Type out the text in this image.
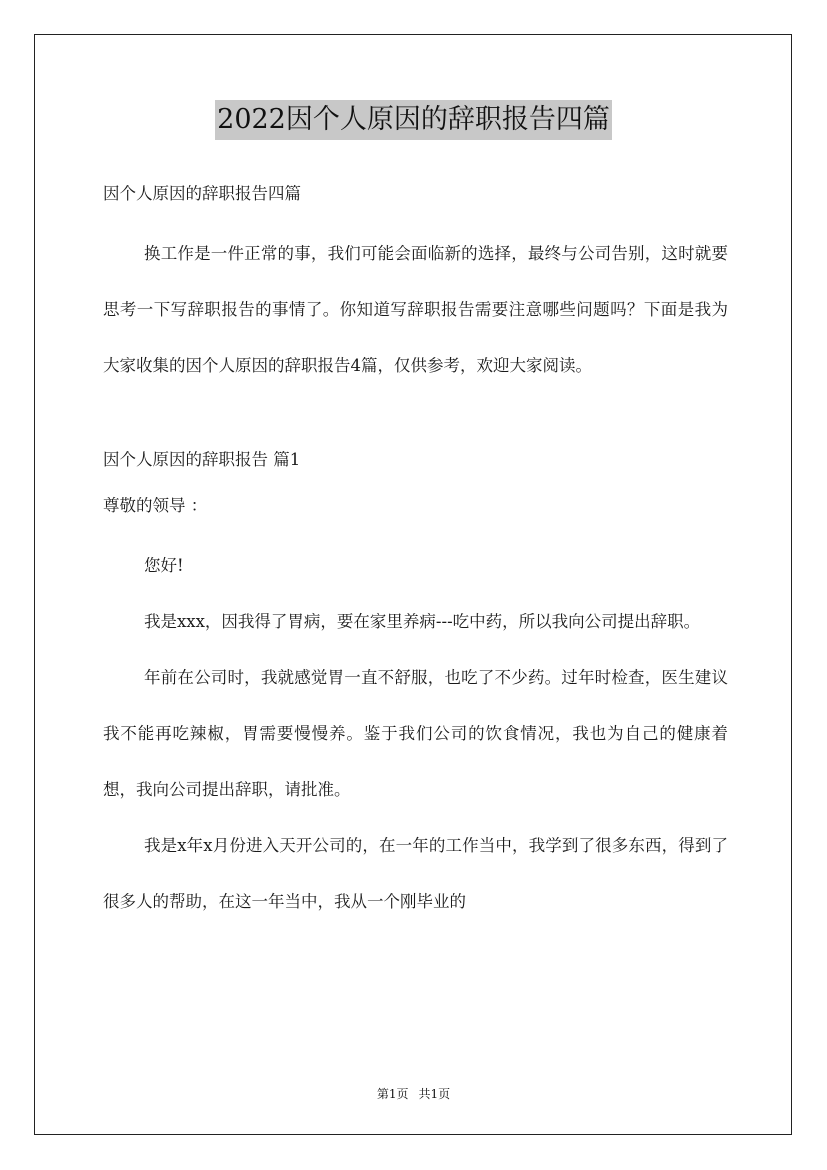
2022因个人原因的辞职报告四篇
因个人原因的辞职报告四篇

换工作是一件正常的事，我们可能会面临新的选择，最终与公司告别，这时就要思考一下写辞职报告的事情了。你知道写辞职报告需要注意哪些问题吗？下面是我为大家收集的因个人原因的辞职报告4篇，仅供参考，欢迎大家阅读。

因个人原因的辞职报告 篇1
尊敬的领导 ：

您好!

我是xxx，因我得了胃病，要在家里养病---吃中药，所以我向公司提出辞职。

年前在公司时，我就感觉胃一直不舒服，也吃了不少药。过年时检查，医生建议我不能再吃辣椒，胃需要慢慢养。鉴于我们公司的饮食情况，我也为自己的健康着想，我向公司提出辞职，请批准。

我是x年x月份进入天开公司的，在一年的工作当中，我学到了很多东西，得到了很多人的帮助，在这一年当中，我从一个刚毕业的

第1页 共1页
